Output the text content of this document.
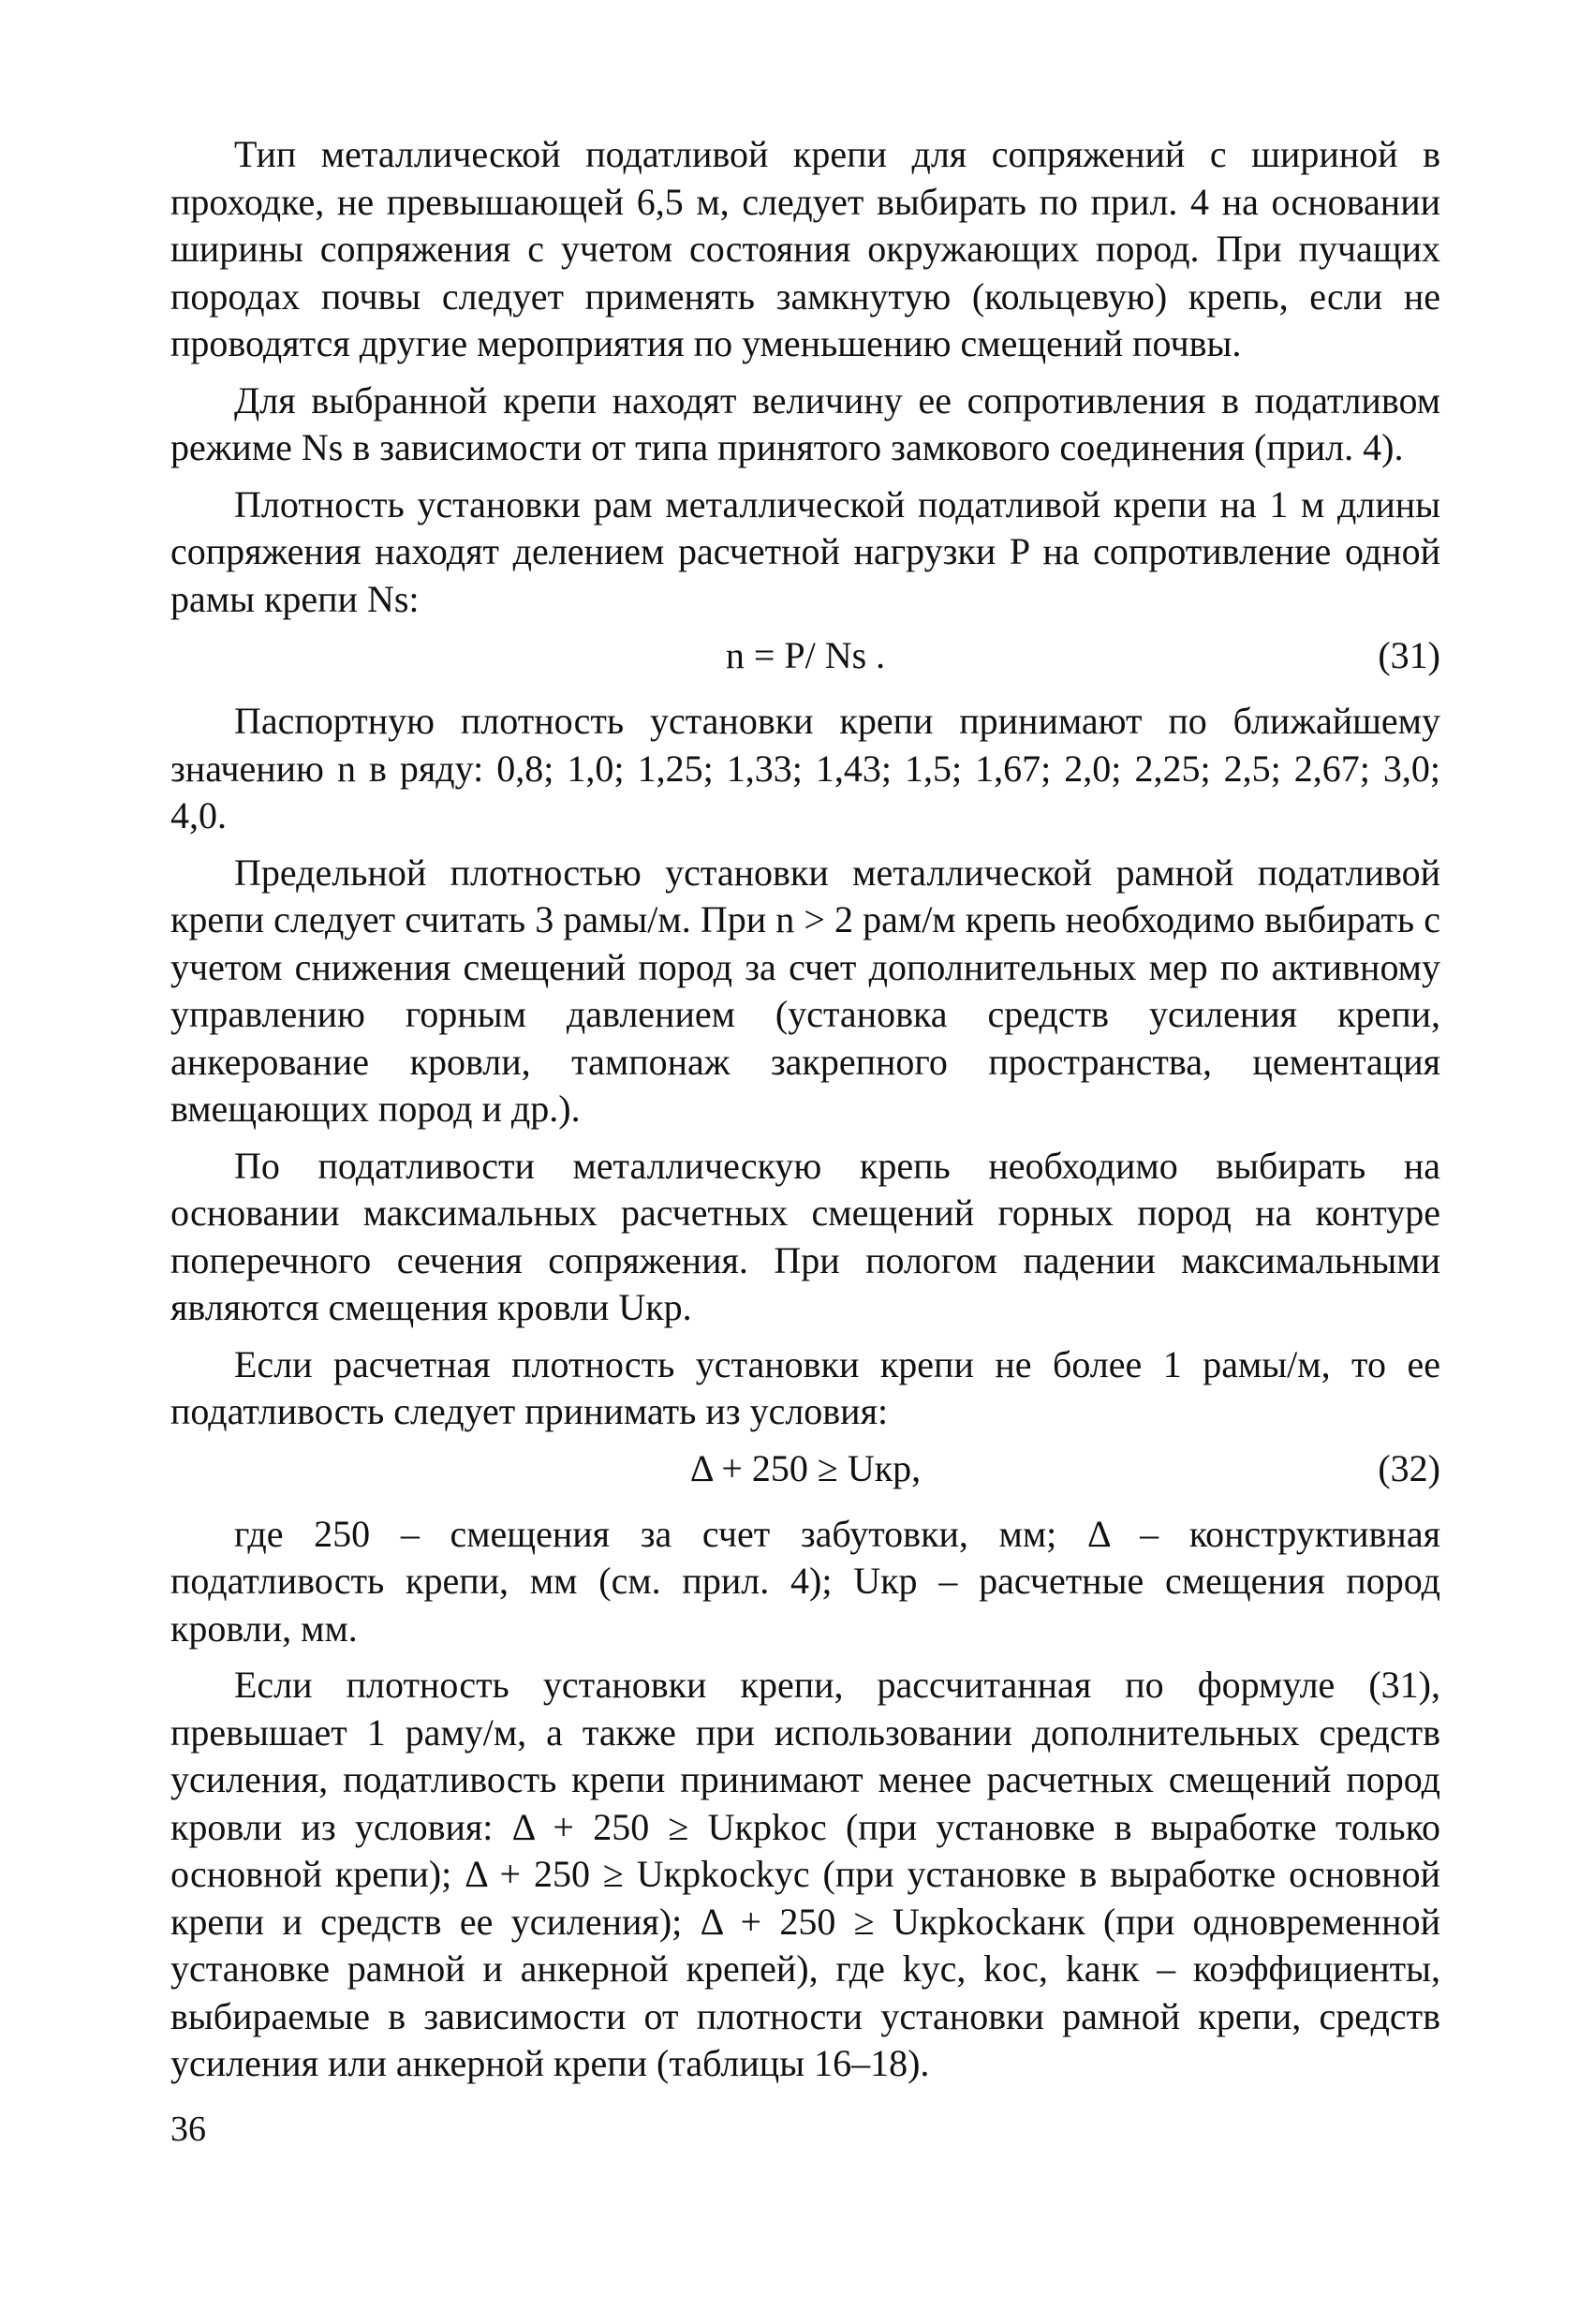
Тип металлической податливой крепи для сопряжений с шириной в проходке, не превышающей 6,5 м, следует выбирать по прил. 4 на основании ширины сопряжения с учетом состояния окружающих пород. При пучащих породах почвы следует применять замкнутую (кольцевую) крепь, если не проводятся другие мероприятия по уменьшению смещений почвы.

Для выбранной крепи находят величину ее сопротивления в податливом режиме Ns в зависимости от типа принятого замкового соединения (прил. 4).

Плотность установки рам металлической податливой крепи на 1 м длины сопряжения находят делением расчетной нагрузки P на сопротивление одной рамы крепи Ns:

n = P/ Ns .	(31)

Паспортную плотность установки крепи принимают по ближайшему значению n в ряду: 0,8; 1,0; 1,25; 1,33; 1,43; 1,5; 1,67; 2,0; 2,25; 2,5; 2,67; 3,0; 4,0.

Предельной плотностью установки металлической рамной податливой крепи следует считать 3 рамы/м. При n > 2 рам/м крепь необходимо выбирать с учетом снижения смещений пород за счет дополнительных мер по активному управлению горным давлением (установка средств усиления крепи, анкерование кровли, тампонаж закрепного пространства, цементация вмещающих пород и др.).

По податливости металлическую крепь необходимо выбирать на основании максимальных расчетных смещений горных пород на контуре поперечного сечения сопряжения. При пологом падении максимальными являются смещения кровли Uкр.

Если расчетная плотность установки крепи не более 1 рамы/м, то ее податливость следует принимать из условия:

Δ + 250 ≥ Uкр,	(32)

где 250 – смещения за счет забутовки, мм; Δ – конструктивная податливость крепи, мм (см. прил. 4); Uкр – расчетные смещения пород кровли, мм.

Если плотность установки крепи, рассчитанная по формуле (31), превышает 1 раму/м, а также при использовании дополнительных средств усиления, податливость крепи принимают менее расчетных смещений пород кровли из условия: Δ + 250 ≥ Uкрkос (при установке в выработке только основной крепи); Δ + 250 ≥ Uкрkосkус (при установке в выработке основной крепи и средств ее усиления); Δ + 250 ≥ Uкрkосkанк (при одновременной установке рамной и анкерной крепей), где kус, kос, kанк – коэффициенты, выбираемые в зависимости от плотности установки рамной крепи, средств усиления или анкерной крепи (таблицы 16–18).

36
